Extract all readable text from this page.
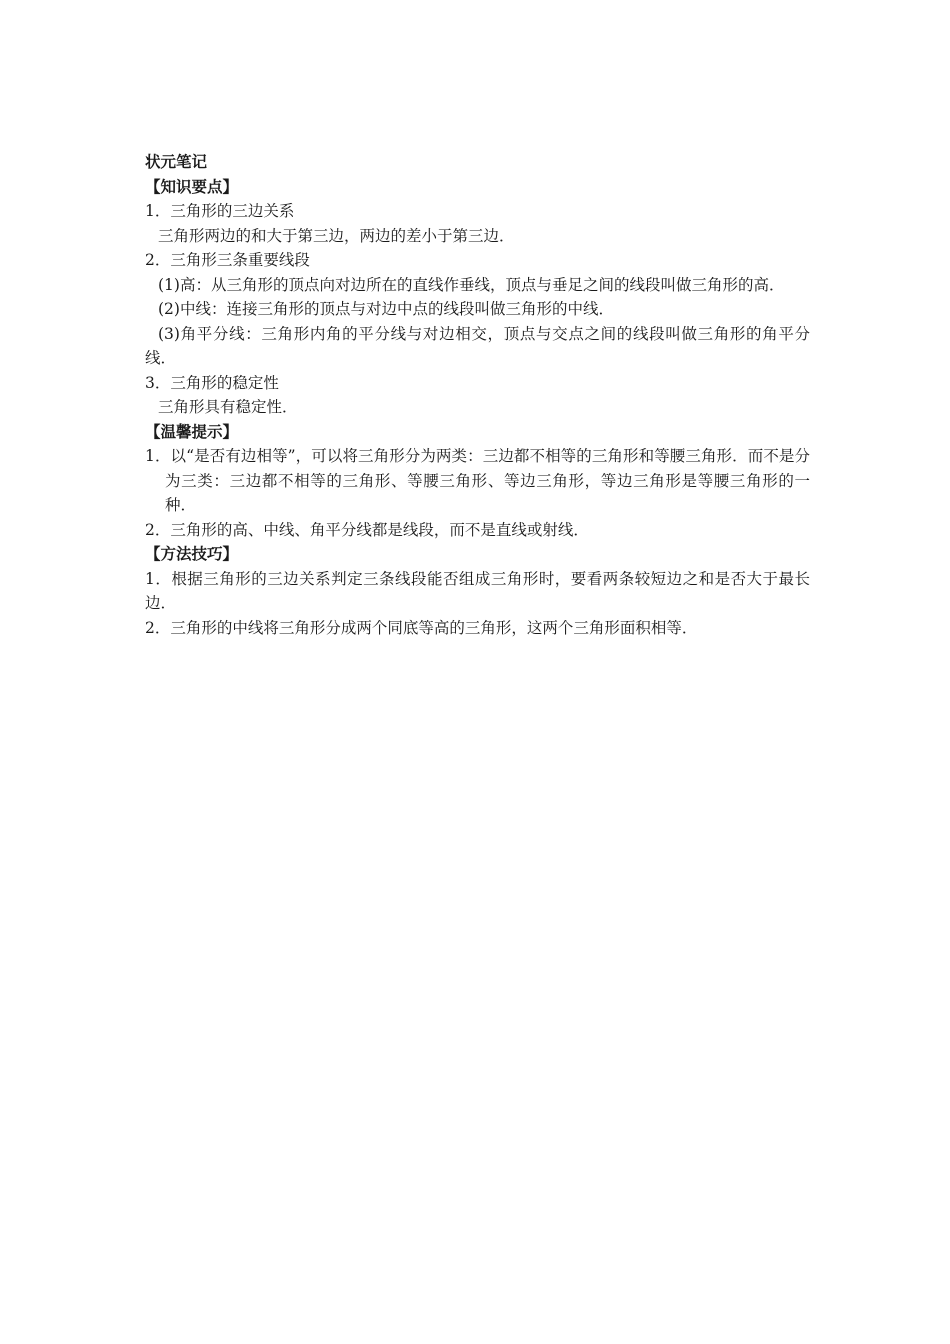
状元笔记
【知识要点】
1．三角形的三边关系
三角形两边的和大于第三边，两边的差小于第三边．
2．三角形三条重要线段
(1)高：从三角形的顶点向对边所在的直线作垂线，顶点与垂足之间的线段叫做三角形的高．
(2)中线：连接三角形的顶点与对边中点的线段叫做三角形的中线．
(3)角平分线：三角形内角的平分线与对边相交，顶点与交点之间的线段叫做三角形的角平分线．
3．三角形的稳定性
三角形具有稳定性．
【温馨提示】
1．以“是否有边相等”，可以将三角形分为两类：三边都不相等的三角形和等腰三角形．而不是分为三类：三边都不相等的三角形、等腰三角形、等边三角形，等边三角形是等腰三角形的一种．
2．三角形的高、中线、角平分线都是线段，而不是直线或射线．
【方法技巧】
1．根据三角形的三边关系判定三条线段能否组成三角形时，要看两条较短边之和是否大于最长边．
2．三角形的中线将三角形分成两个同底等高的三角形，这两个三角形面积相等．
